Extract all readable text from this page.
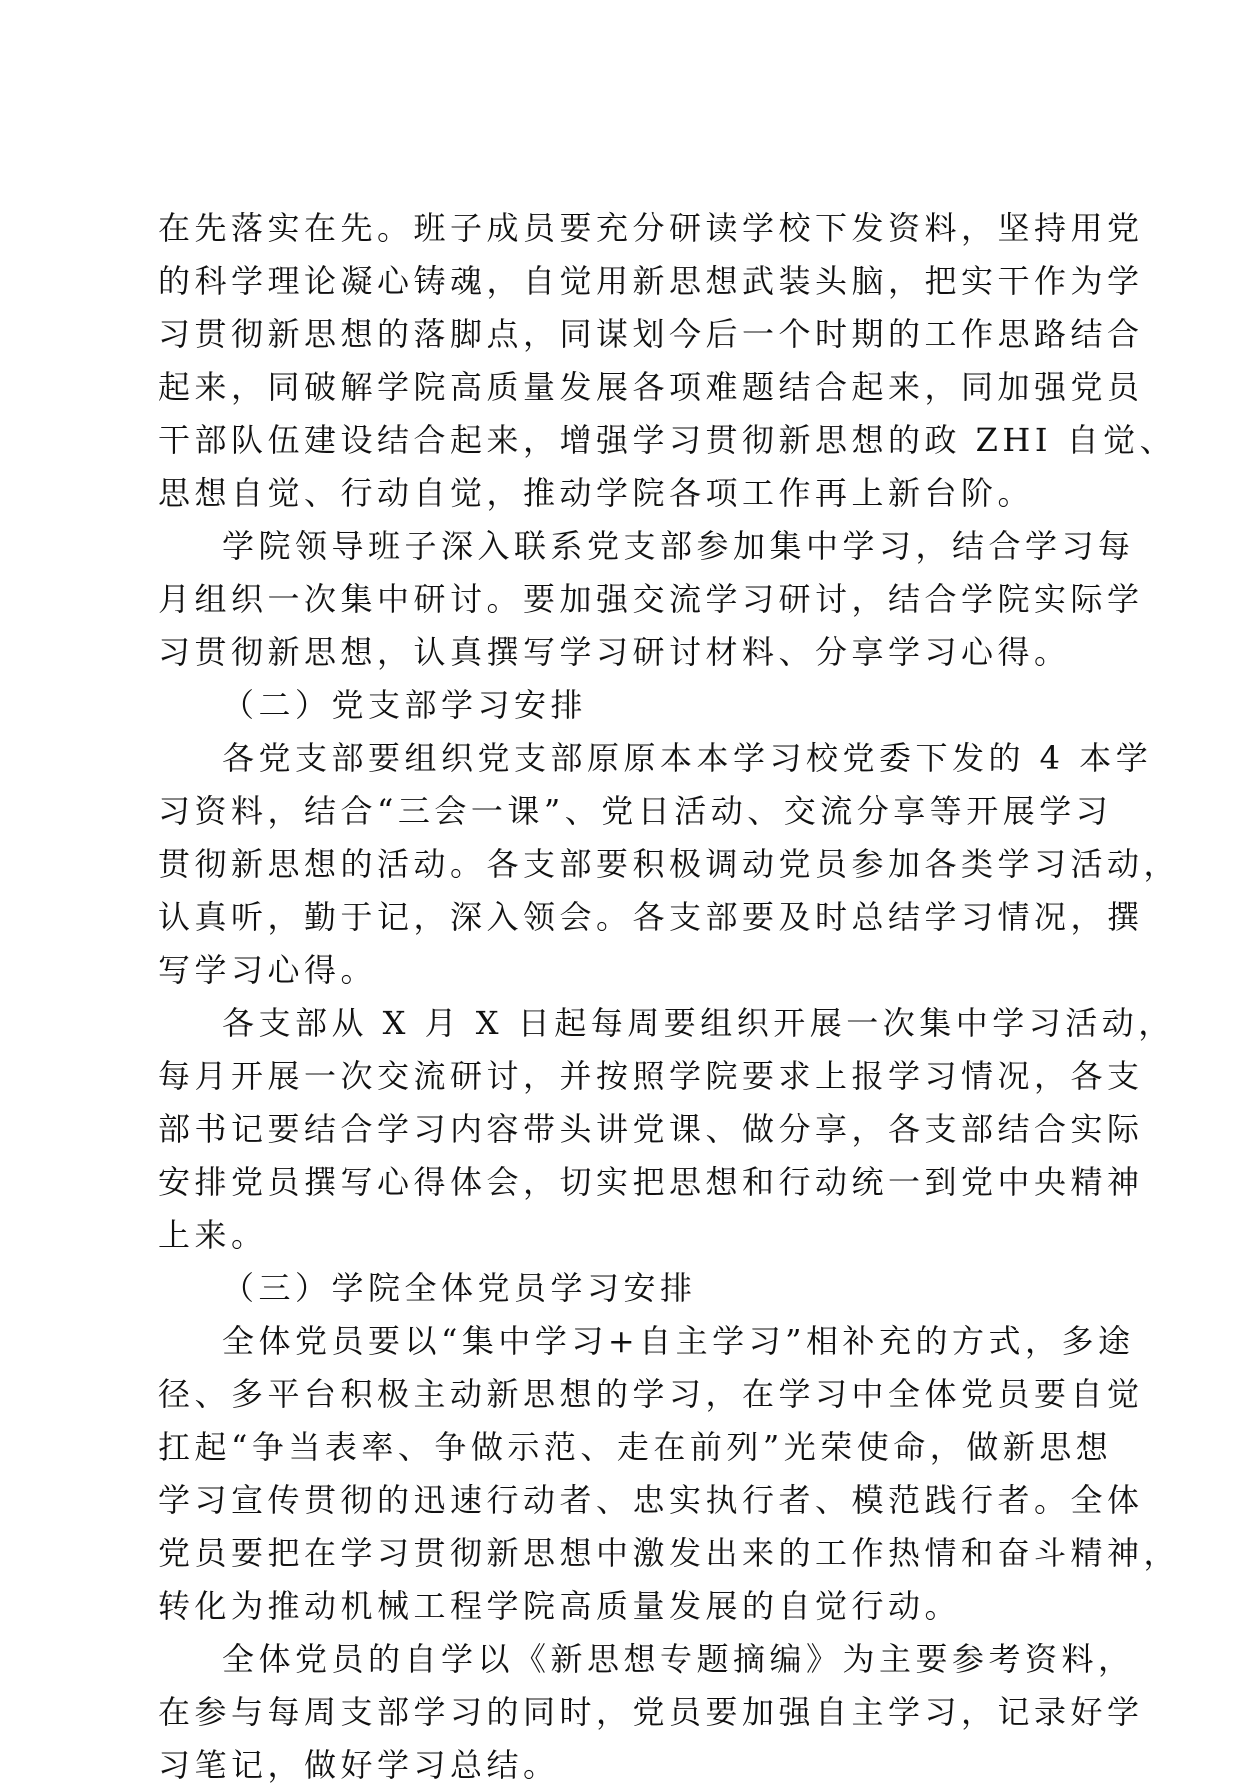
在先落实在先。班子成员要充分研读学校下发资料，坚持用党
的科学理论凝心铸魂，自觉用新思想武装头脑，把实干作为学
习贯彻新思想的落脚点，同谋划今后一个时期的工作思路结合
起来，同破解学院高质量发展各项难题结合起来，同加强党员
干部队伍建设结合起来，增强学习贯彻新思想的政 ZHI 自觉、
思想自觉、行动自觉，推动学院各项工作再上新台阶。
学院领导班子深入联系党支部参加集中学习，结合学习每
月组织一次集中研讨。要加强交流学习研讨，结合学院实际学
习贯彻新思想，认真撰写学习研讨材料、分享学习心得。
（二）党支部学习安排
各党支部要组织党支部原原本本学习校党委下发的 4 本学
习资料，结合“三会一课”、党日活动、交流分享等开展学习
贯彻新思想的活动。各支部要积极调动党员参加各类学习活动，
认真听，勤于记，深入领会。各支部要及时总结学习情况，撰
写学习心得。
各支部从 X 月 X 日起每周要组织开展一次集中学习活动，
每月开展一次交流研讨，并按照学院要求上报学习情况，各支
部书记要结合学习内容带头讲党课、做分享，各支部结合实际
安排党员撰写心得体会，切实把思想和行动统一到党中央精神
上来。
（三）学院全体党员学习安排
全体党员要以“集中学习+自主学习”相补充的方式，多途
径、多平台积极主动新思想的学习，在学习中全体党员要自觉
扛起“争当表率、争做示范、走在前列”光荣使命，做新思想
学习宣传贯彻的迅速行动者、忠实执行者、模范践行者。全体
党员要把在学习贯彻新思想中激发出来的工作热情和奋斗精神，
转化为推动机械工程学院高质量发展的自觉行动。
全体党员的自学以《新思想专题摘编》为主要参考资料，
在参与每周支部学习的同时，党员要加强自主学习，记录好学
习笔记，做好学习总结。
